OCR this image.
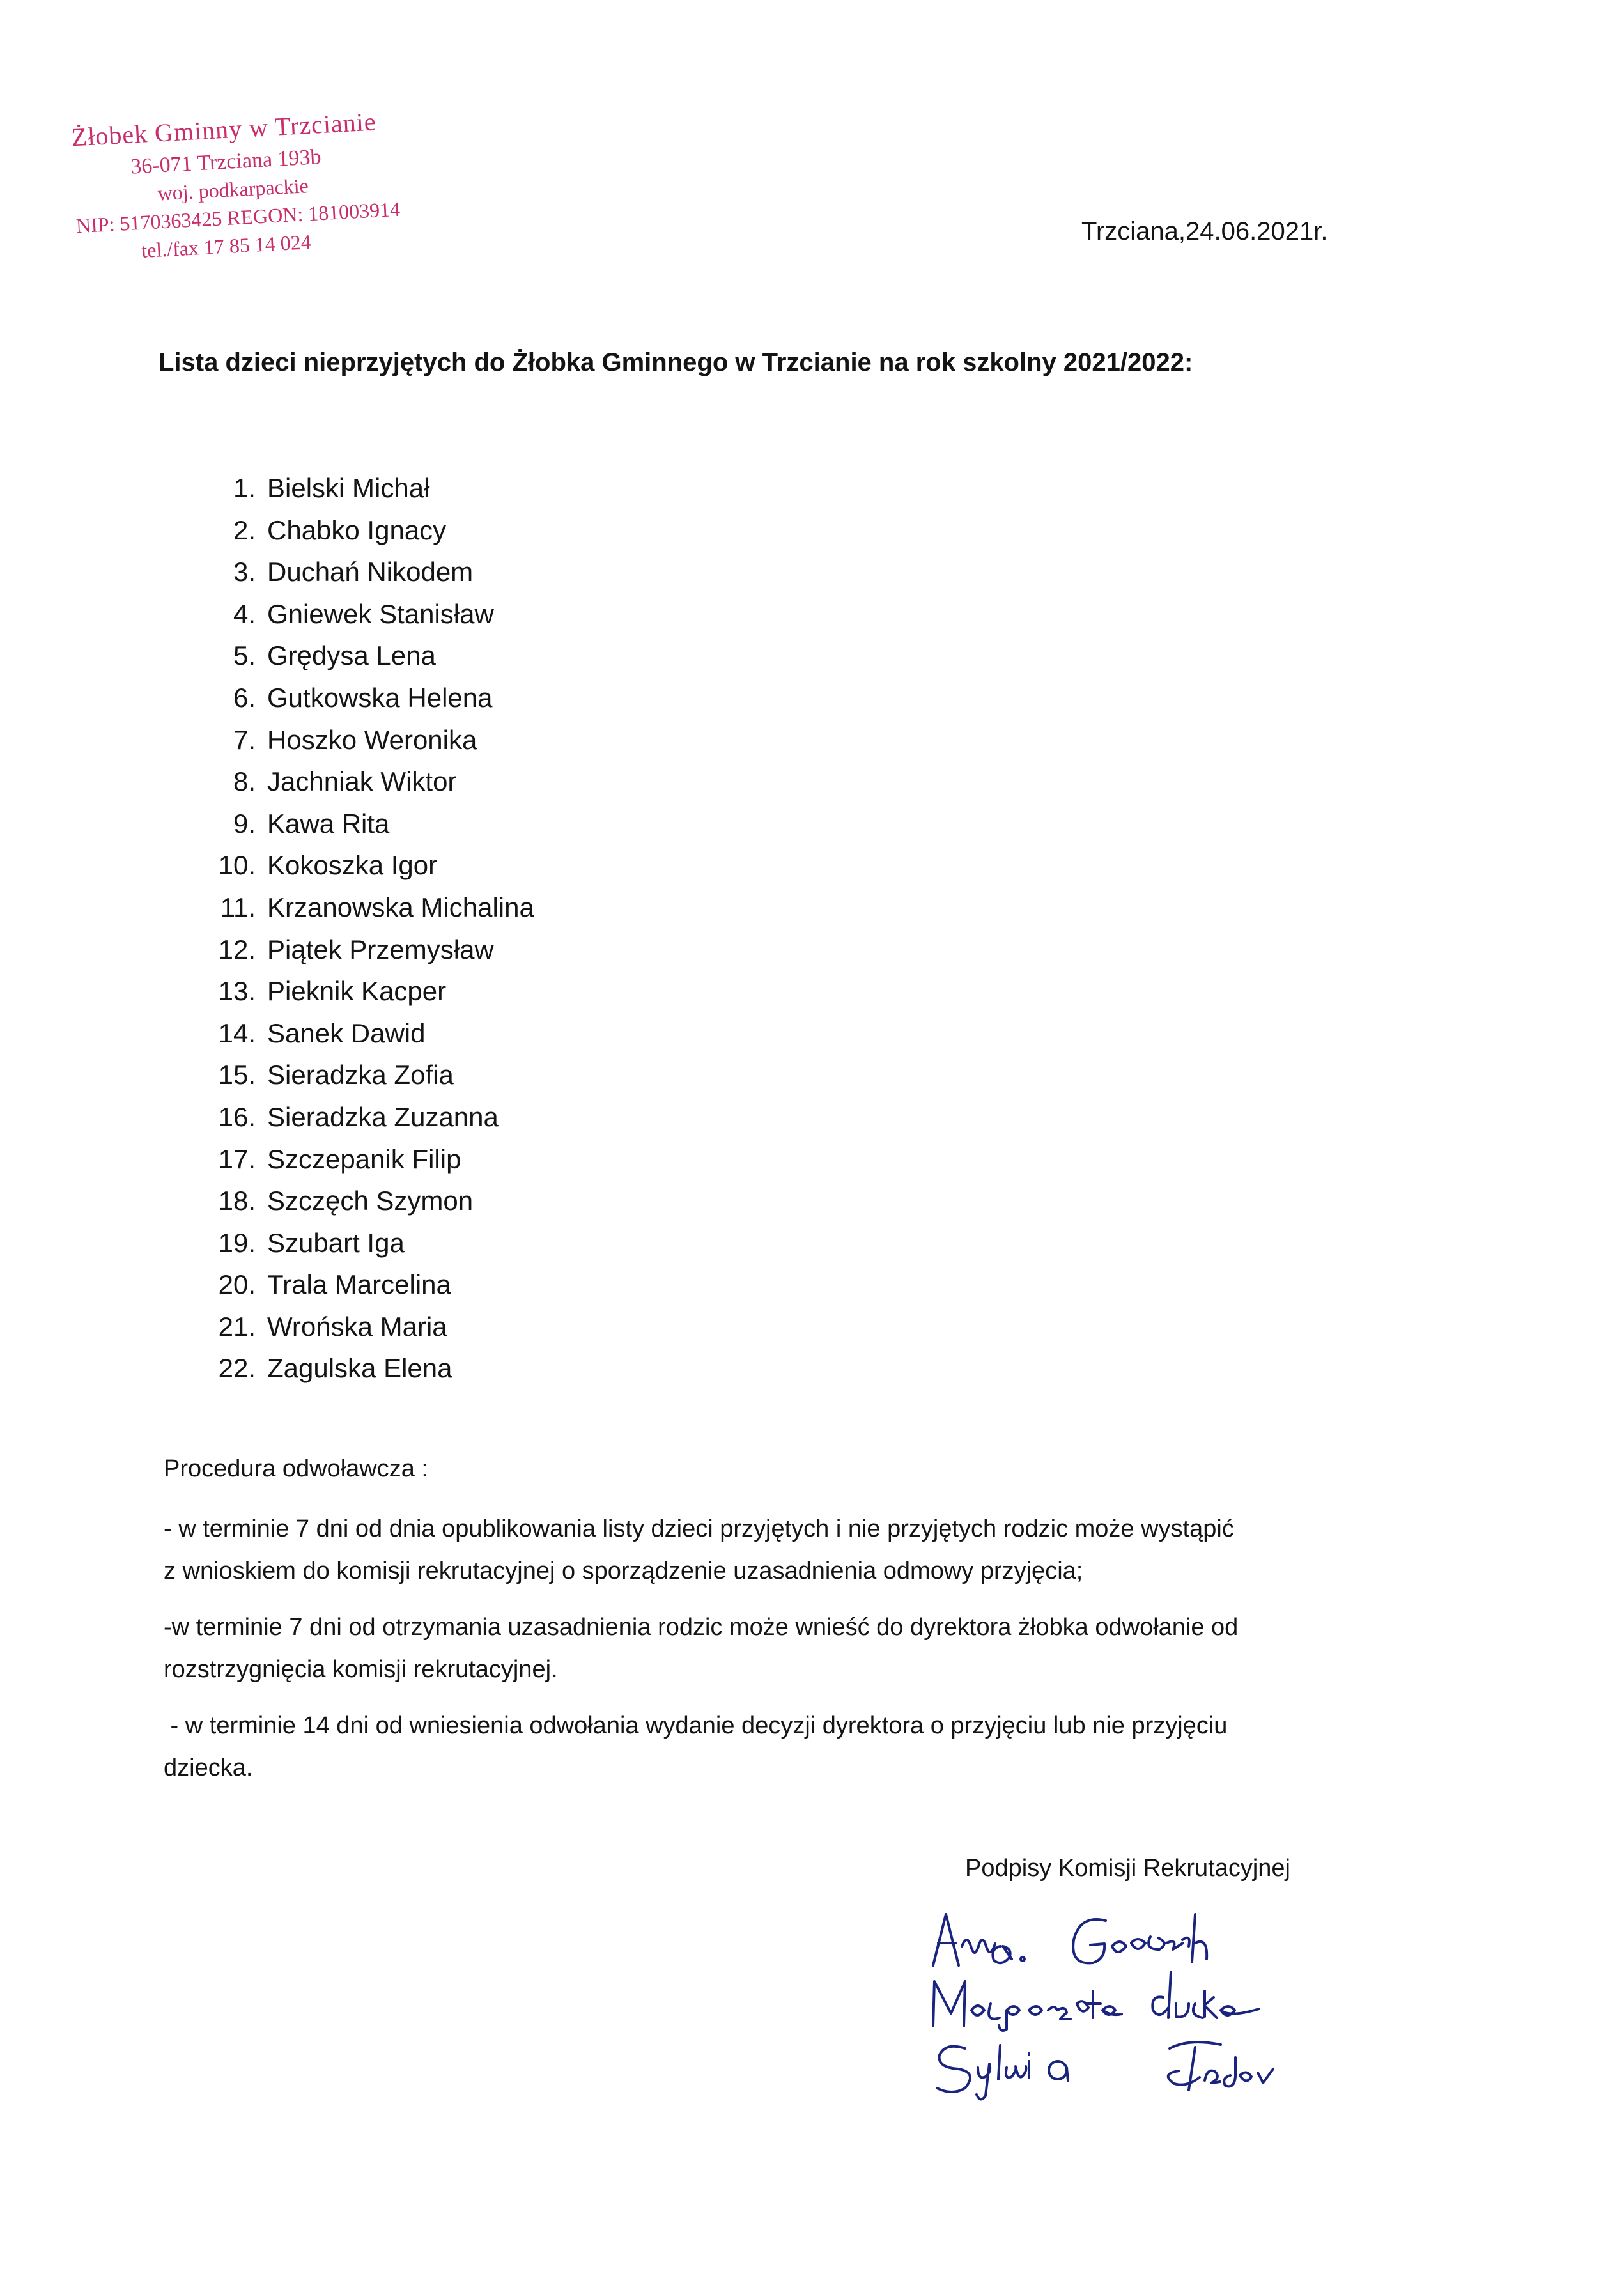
Żłobek Gminny w Trzcianie
36-071 Trzciana 193b
woj. podkarpackie
NIP: 5170363425 REGON: 181003914
tel./fax 17 85 14 024	Trzciana,24.06.2021r.
Lista dzieci nieprzyjętych do Żłobka Gminnego w Trzcianie na rok szkolny 2021/2022:
1. Bielski Michał
2. Chabko Ignacy
3. Duchań Nikodem
4. Gniewek Stanisław
5. Grędysa Lena
6. Gutkowska Helena
7. Hoszko Weronika
8. Jachniak Wiktor
9. Kawa Rita
10. Kokoszka Igor
11. Krzanowska Michalina
12. Piątek Przemysław
13. Pieknik Kacper
14. Sanek Dawid
15. Sieradzka Zofia
16. Sieradzka Zuzanna
17. Szczepanik Filip
18. Szczęch Szymon
19. Szubart Iga
20. Trala Marcelina
21. Wrońska Maria
22. Zagulska Elena

Procedura odwoławcza :

- w terminie 7 dni od dnia opublikowania listy dzieci przyjętych i nie przyjętych rodzic może wystąpić

z wnioskiem do komisji rekrutacyjnej o sporządzenie uzasadnienia odmowy przyjęcia;

-w terminie 7 dni od otrzymania uzasadnienia rodzic może wnieść do dyrektora żłobka odwołanie od

rozstrzygnięcia komisji rekrutacyjnej.

- w terminie 14 dni od wniesienia odwołania wydanie decyzji dyrektora o przyjęciu lub nie przyjęciu

dziecka.

Podpisy Komisji Rekrutacyjnej
